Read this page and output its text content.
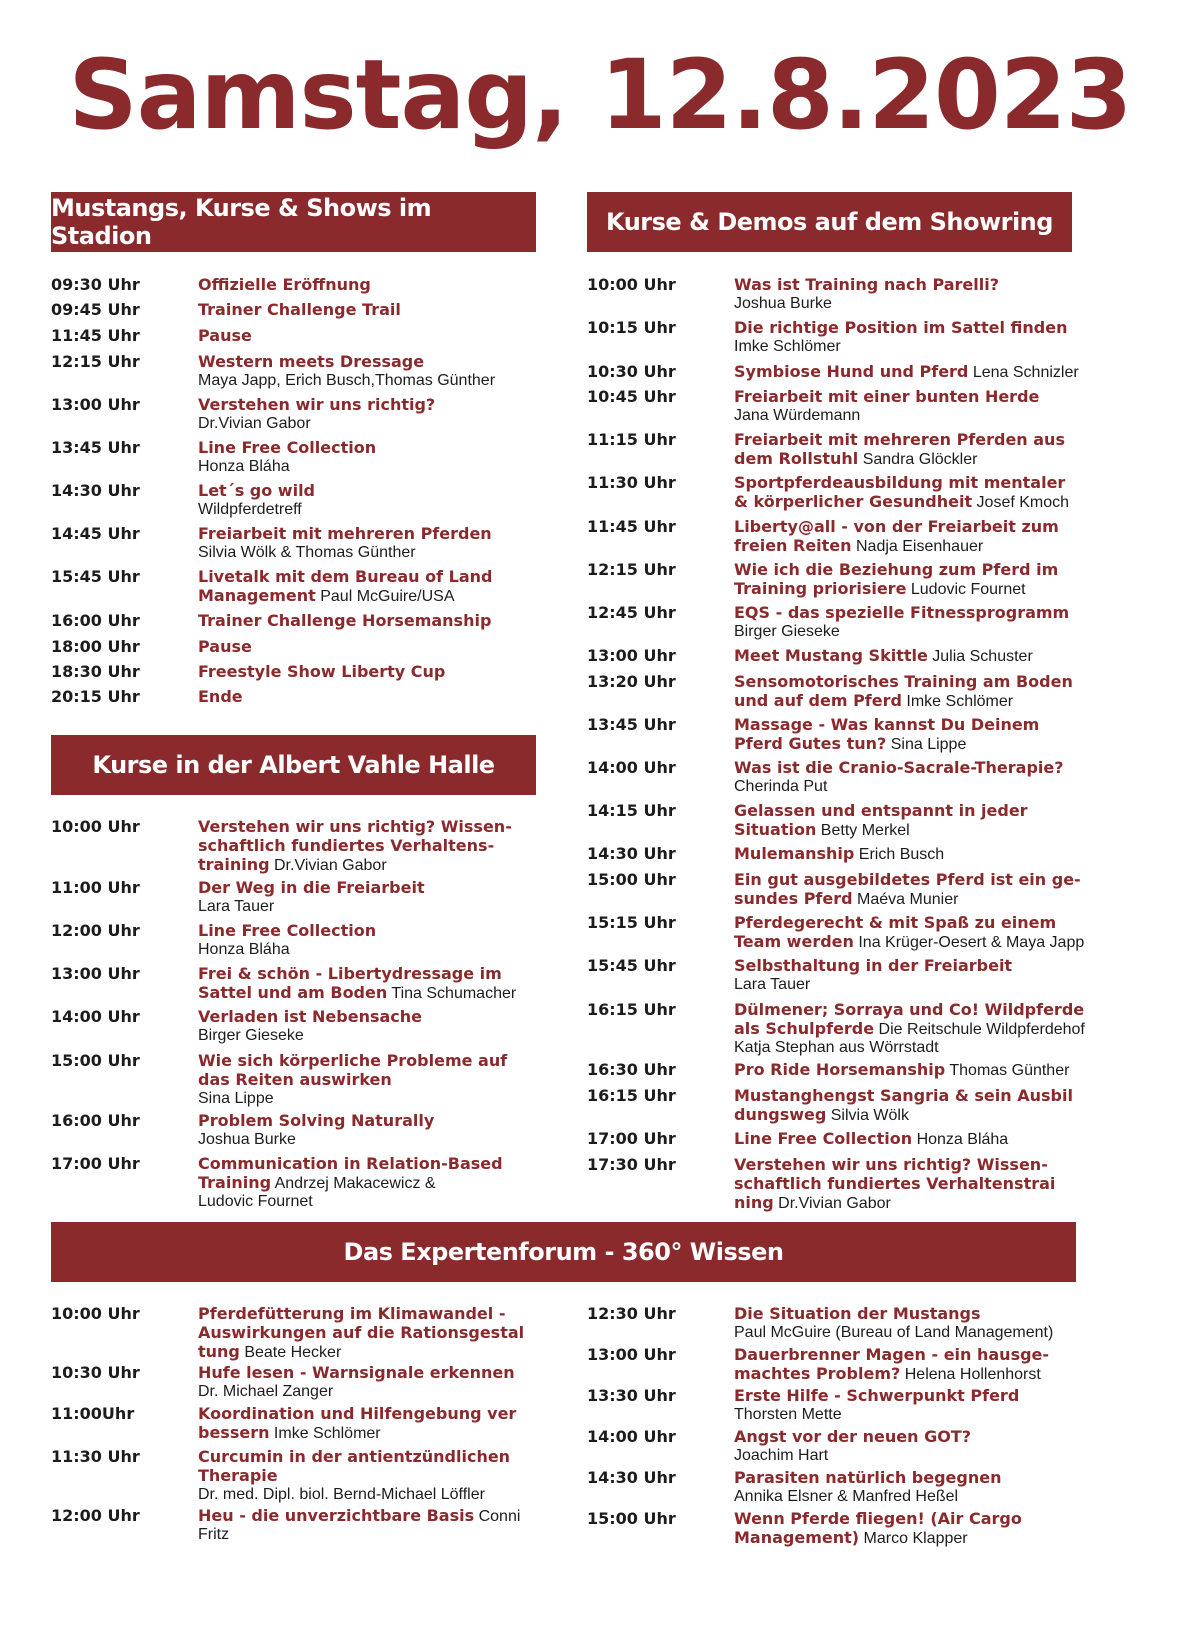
Samstag, 12.8.2023
Mustangs, Kurse & Shows im Stadion	Kurse & Demos auf dem Showring
Kurse in der Albert Vahle Halle
Das Expertenforum - 360° Wissen
09:30 Uhr	Offizielle Eröffnung
09:45 Uhr	Trainer Challenge Trail
11:45 Uhr	Pause
12:15 Uhr	Western meets Dressage
Maya Japp, Erich Busch,Thomas Günther
13:00 Uhr	Verstehen wir uns richtig?
Dr.Vivian Gabor
13:45 Uhr	Line Free Collection
Honza Bláha
14:30 Uhr	Let´s go wild
Wildpferdetreff
14:45 Uhr	Freiarbeit mit mehreren Pferden
Silvia Wölk & Thomas Günther
15:45 Uhr	Livetalk mit dem Bureau of Land
Management Paul McGuire/USA
16:00 Uhr	Trainer Challenge Horsemanship
18:00 Uhr	Pause
18:30 Uhr	Freestyle Show Liberty Cup
20:15 Uhr	Ende
10:00 Uhr	Was ist Training nach Parelli?
Joshua Burke
10:15 Uhr	Die richtige Position im Sattel finden
Imke Schlömer
10:30 Uhr	Symbiose Hund und Pferd Lena Schnizler
10:45 Uhr	Freiarbeit mit einer bunten Herde
Jana Würdemann
11:15 Uhr	Freiarbeit mit mehreren Pferden aus
dem Rollstuhl Sandra Glöckler
11:30 Uhr	Sportpferdeausbildung mit mentaler
& körperlicher Gesundheit Josef Kmoch
11:45 Uhr	Liberty@all - von der Freiarbeit zum
freien Reiten Nadja Eisenhauer
12:15 Uhr	Wie ich die Beziehung zum Pferd im
Training priorisiere Ludovic Fournet
12:45 Uhr	EQS - das spezielle Fitnessprogramm
Birger Gieseke
13:00 Uhr	Meet Mustang Skittle Julia Schuster
13:20 Uhr	Sensomotorisches Training am Boden
und auf dem Pferd Imke Schlömer
13:45 Uhr	Massage - Was kannst Du Deinem
Pferd Gutes tun? Sina Lippe
14:00 Uhr	Was ist die Cranio-Sacrale-Therapie?
Cherinda Put
14:15 Uhr	Gelassen und entspannt in jeder
Situation Betty Merkel
14:30 Uhr	Mulemanship Erich Busch
15:00 Uhr	Ein gut ausgebildetes Pferd ist ein ge-
sundes Pferd Maéva Munier
15:15 Uhr	Pferdegerecht & mit Spaß zu einem
Team werden Ina Krüger-Oesert & Maya Japp
15:45 Uhr	Selbsthaltung in der Freiarbeit
Lara Tauer
16:15 Uhr	Dülmener; Sorraya und Co! Wildpferde
als Schulpferde Die Reitschule Wildpferdehof
Katja Stephan aus Wörrstadt
16:30 Uhr	Pro Ride Horsemanship Thomas Günther
16:15 Uhr	Mustanghengst Sangria & sein Ausbil
dungsweg Silvia Wölk
17:00 Uhr	Line Free Collection Honza Bláha
17:30 Uhr	Verstehen wir uns richtig? Wissen-
schaftlich fundiertes Verhaltenstrai
ning Dr.Vivian Gabor
10:00 Uhr	Verstehen wir uns richtig? Wissen-
schaftlich fundiertes Verhaltens-
training Dr.Vivian Gabor
11:00 Uhr	Der Weg in die Freiarbeit
Lara Tauer
12:00 Uhr	Line Free Collection
Honza Bláha
13:00 Uhr	Frei & schön - Libertydressage im
Sattel und am Boden Tina Schumacher
14:00 Uhr	Verladen ist Nebensache
Birger Gieseke
15:00 Uhr	Wie sich körperliche Probleme auf
das Reiten auswirken
Sina Lippe
16:00 Uhr	Problem Solving Naturally
Joshua Burke
17:00 Uhr	Communication in Relation-Based
Training Andrzej Makacewicz &
Ludovic Fournet
10:00 Uhr	Pferdefütterung im Klimawandel -
Auswirkungen auf die Rationsgestal
tung Beate Hecker
10:30 Uhr	Hufe lesen - Warnsignale erkennen
Dr. Michael Zanger
11:00Uhr	Koordination und Hilfengebung ver
bessern Imke Schlömer
11:30 Uhr	Curcumin in der antientzündlichen
Therapie
Dr. med. Dipl. biol. Bernd-Michael Löffler
12:00 Uhr	Heu - die unverzichtbare Basis Conni
Fritz
12:30 Uhr	Die Situation der Mustangs
Paul McGuire (Bureau of Land Management)
13:00 Uhr	Dauerbrenner Magen - ein hausge-
machtes Problem? Helena Hollenhorst
13:30 Uhr	Erste Hilfe - Schwerpunkt Pferd
Thorsten Mette
14:00 Uhr	Angst vor der neuen GOT?
Joachim Hart
14:30 Uhr	Parasiten natürlich begegnen
Annika Elsner & Manfred Heßel
15:00 Uhr	Wenn Pferde fliegen! (Air Cargo
Management) Marco Klapper
